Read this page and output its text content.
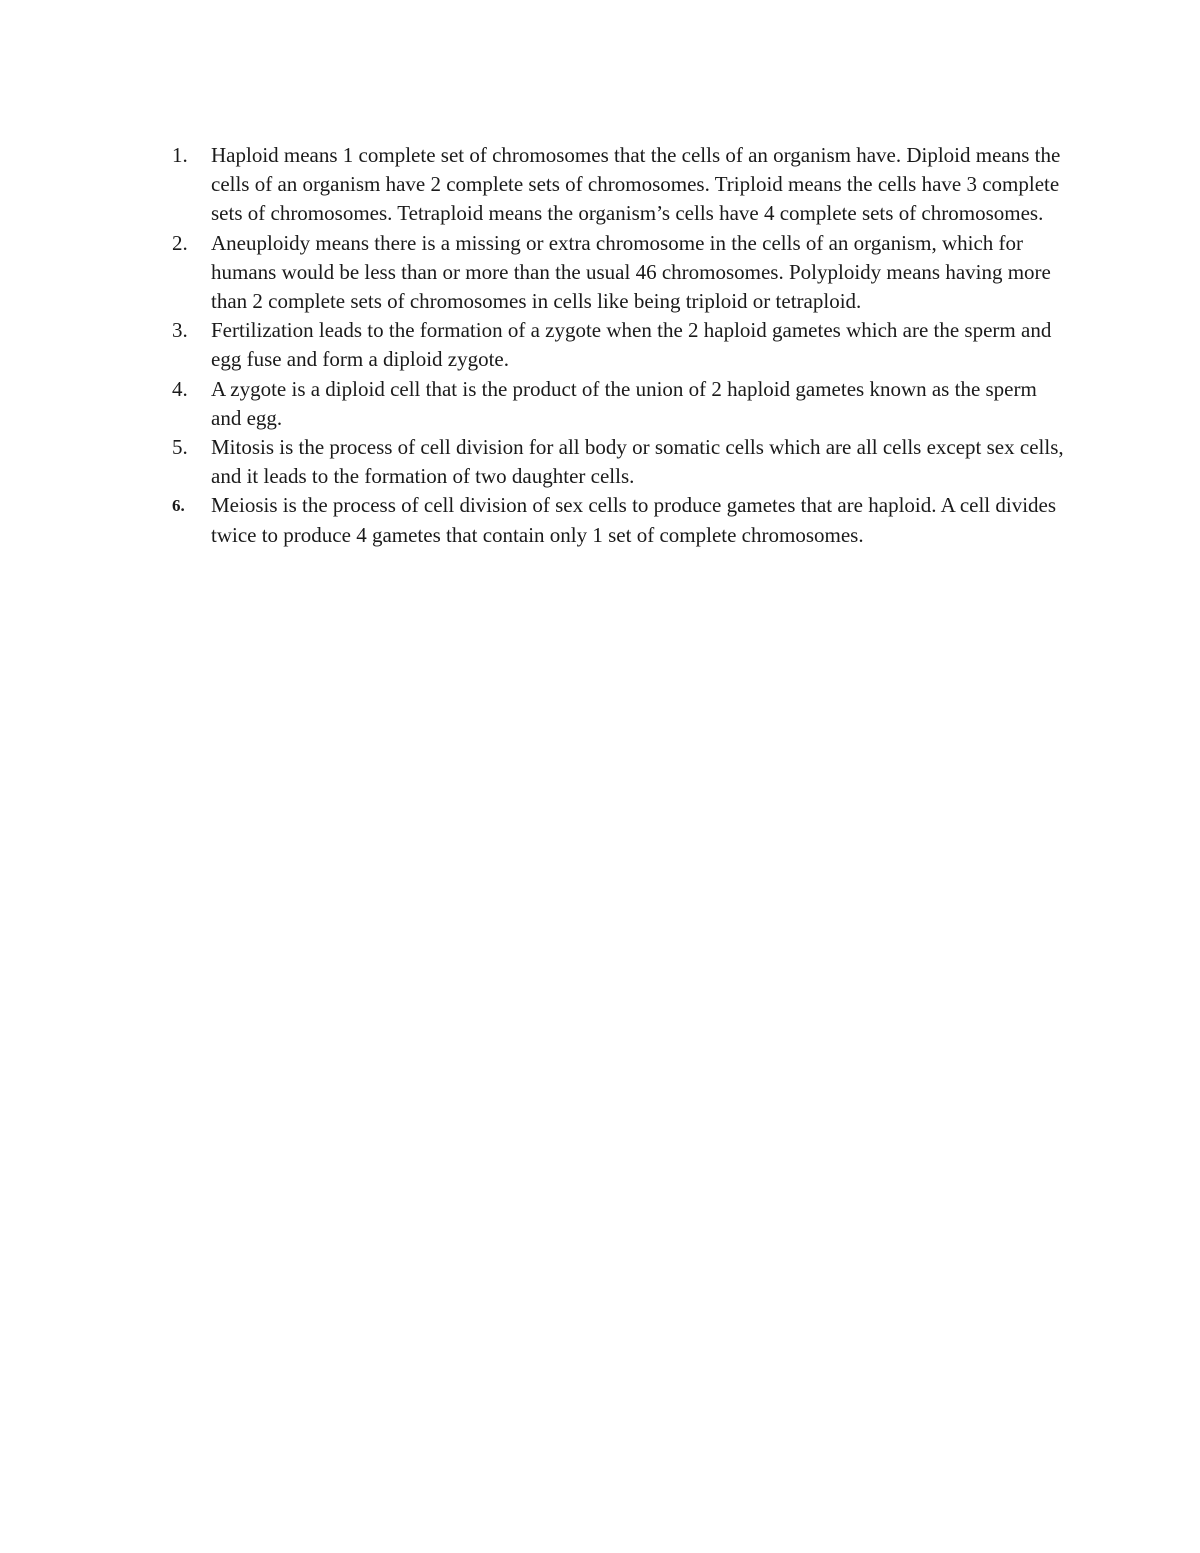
1.	Haploid means 1 complete set of chromosomes that the cells of an organism have. Diploid means the cells of an organism have 2 complete sets of chromosomes. Triploid means the cells have 3 complete sets of chromosomes. Tetraploid means the organism’s cells have 4 complete sets of chromosomes.
2.	Aneuploidy means there is a missing or extra chromosome in the cells of an organism, which for humans would be less than or more than the usual 46 chromosomes. Polyploidy means having more than 2 complete sets of chromosomes in cells like being triploid or tetraploid.
3.	Fertilization leads to the formation of a zygote when the 2 haploid gametes which are the sperm and egg fuse and form a diploid zygote.
4.	A zygote is a diploid cell that is the product of the union of 2 haploid gametes known as the sperm and egg.
5.	Mitosis is the process of cell division for all body or somatic cells which are all cells except sex cells, and it leads to the formation of two daughter cells.
6.	Meiosis is the process of cell division of sex cells to produce gametes that are haploid. A cell divides twice to produce 4 gametes that contain only 1 set of complete chromosomes.
